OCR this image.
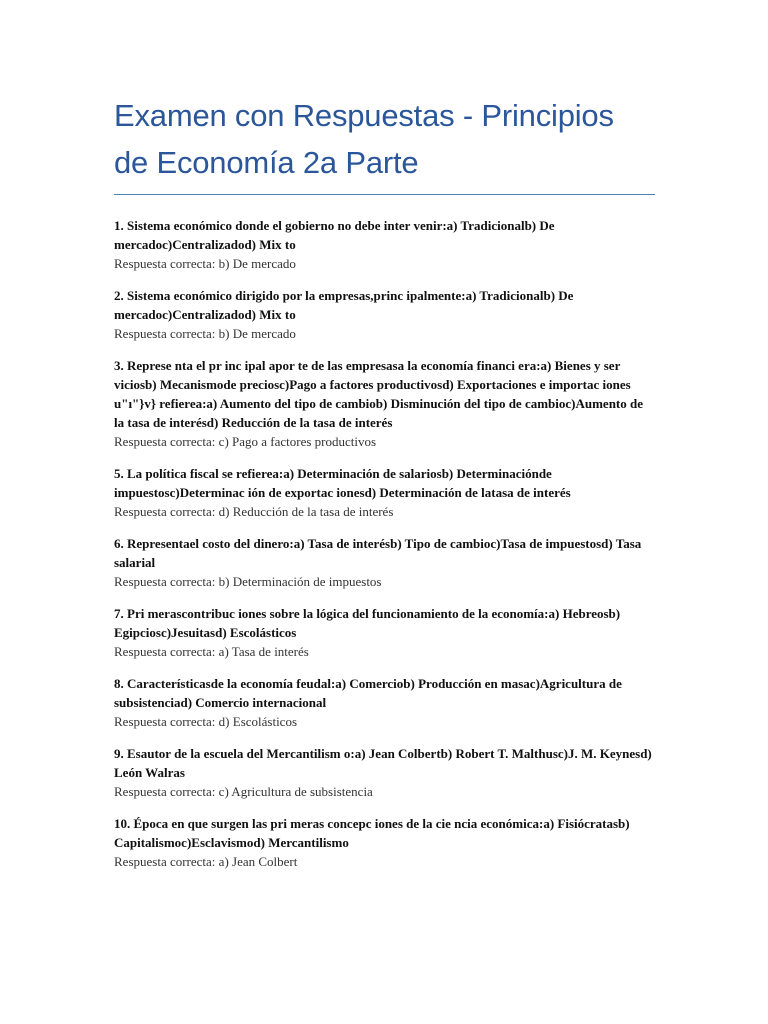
Examen con Respuestas - Principios de Economía 2a Parte
1. Sistema económico donde el gobierno no debe inter venir:a) Tradicionalb) De mercadoc)Centralizadod) Mix to
Respuesta correcta: b) De mercado
2. Sistema económico dirigido por la empresas,princ ipalmente:a) Tradicionalb) De mercadoc)Centralizadod) Mix to
Respuesta correcta: b) De mercado
3. Represe nta el pr inc ipal apor te de las empresasa la economía financi era:a) Bienes y ser viciosb) Mecanismode preciosc)Pago a factores productivosd) Exportaciones e importac iones u"ı"}v} refierea:a) Aumento del tipo de cambiob) Disminución del tipo de cambioc)Aumento de la tasa de interésd) Reducción de la tasa de interés
Respuesta correcta: c) Pago a factores productivos
5. La política fiscal se refierea:a) Determinación de salariosb) Determinaciónde impuestosc)Determinac ión de exportac ionesd) Determinación de latasa de interés
Respuesta correcta: d) Reducción de la tasa de interés
6. Representael costo del dinero:a) Tasa de interésb) Tipo de cambioc)Tasa de impuestosd) Tasa salarial
Respuesta correcta: b) Determinación de impuestos
7. Pri merascontribuc iones sobre la lógica del funcionamiento de la economía:a) Hebreosb) Egipciosc)Jesuitasd) Escolásticos
Respuesta correcta: a) Tasa de interés
8. Característicasde la economía feudal:a) Comerciob) Producción en masac)Agricultura de subsistenciad) Comercio internacional
Respuesta correcta: d) Escolásticos
9. Esautor de la escuela del Mercantilism o:a) Jean Colbertb) Robert T. Malthusc)J. M. Keynesd) León Walras
Respuesta correcta: c) Agricultura de subsistencia
10. Época en que surgen las pri meras concepc iones de la cie ncia económica:a) Fisiócratasb) Capitalismoc)Esclavismod) Mercantilismo
Respuesta correcta: a) Jean Colbert
